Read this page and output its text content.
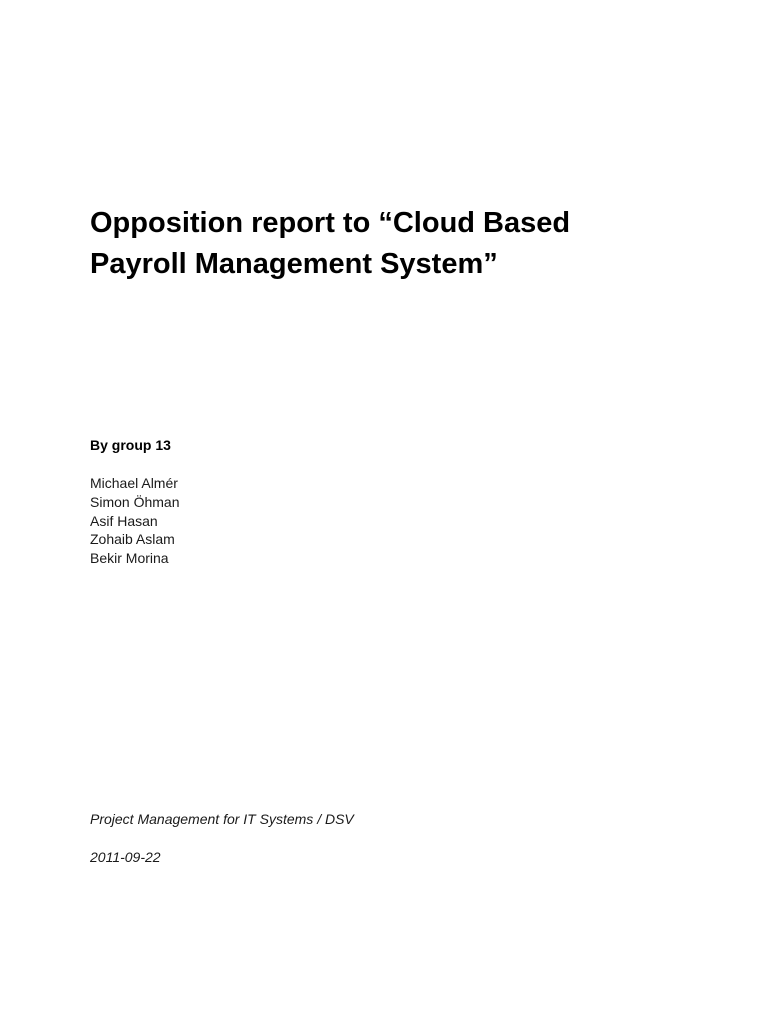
Opposition report to “Cloud Based
Payroll Management System”

By group 13

Michael Almér
Simon Öhman
Asif Hasan
Zohaib Aslam
Bekir Morina

Project Management for IT Systems / DSV

2011-09-22
